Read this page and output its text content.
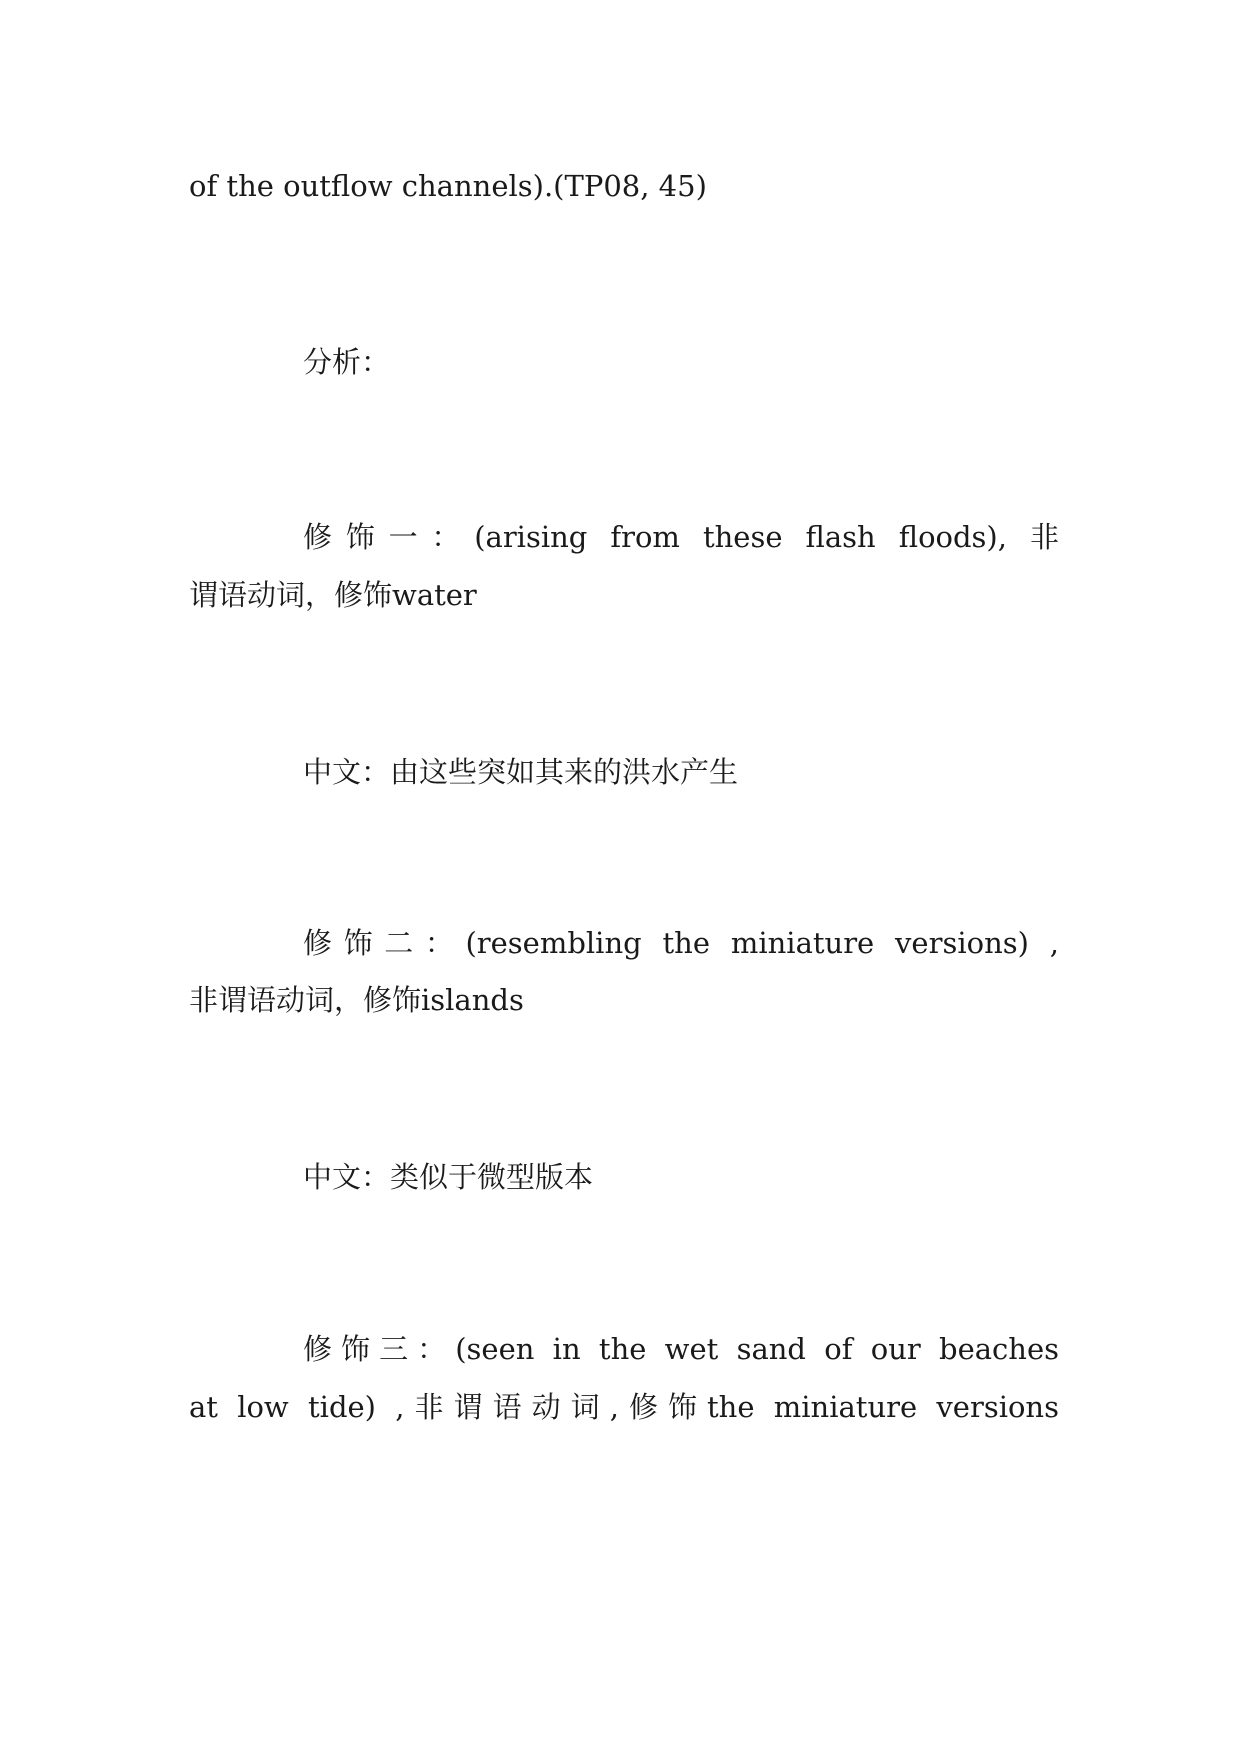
of the outflow channels).(TP08, 45)

分析：

修饰一：(arising from these flash floods), 非

谓语动词，修饰water

中文：由这些突如其来的洪水产生

修饰二：(resembling the miniature versions) ,

非谓语动词，修饰islands

中文：类似于微型版本

修饰三：(seen in the wet sand of our beaches

at low tide) ,非谓语动词,修饰the miniature versions
